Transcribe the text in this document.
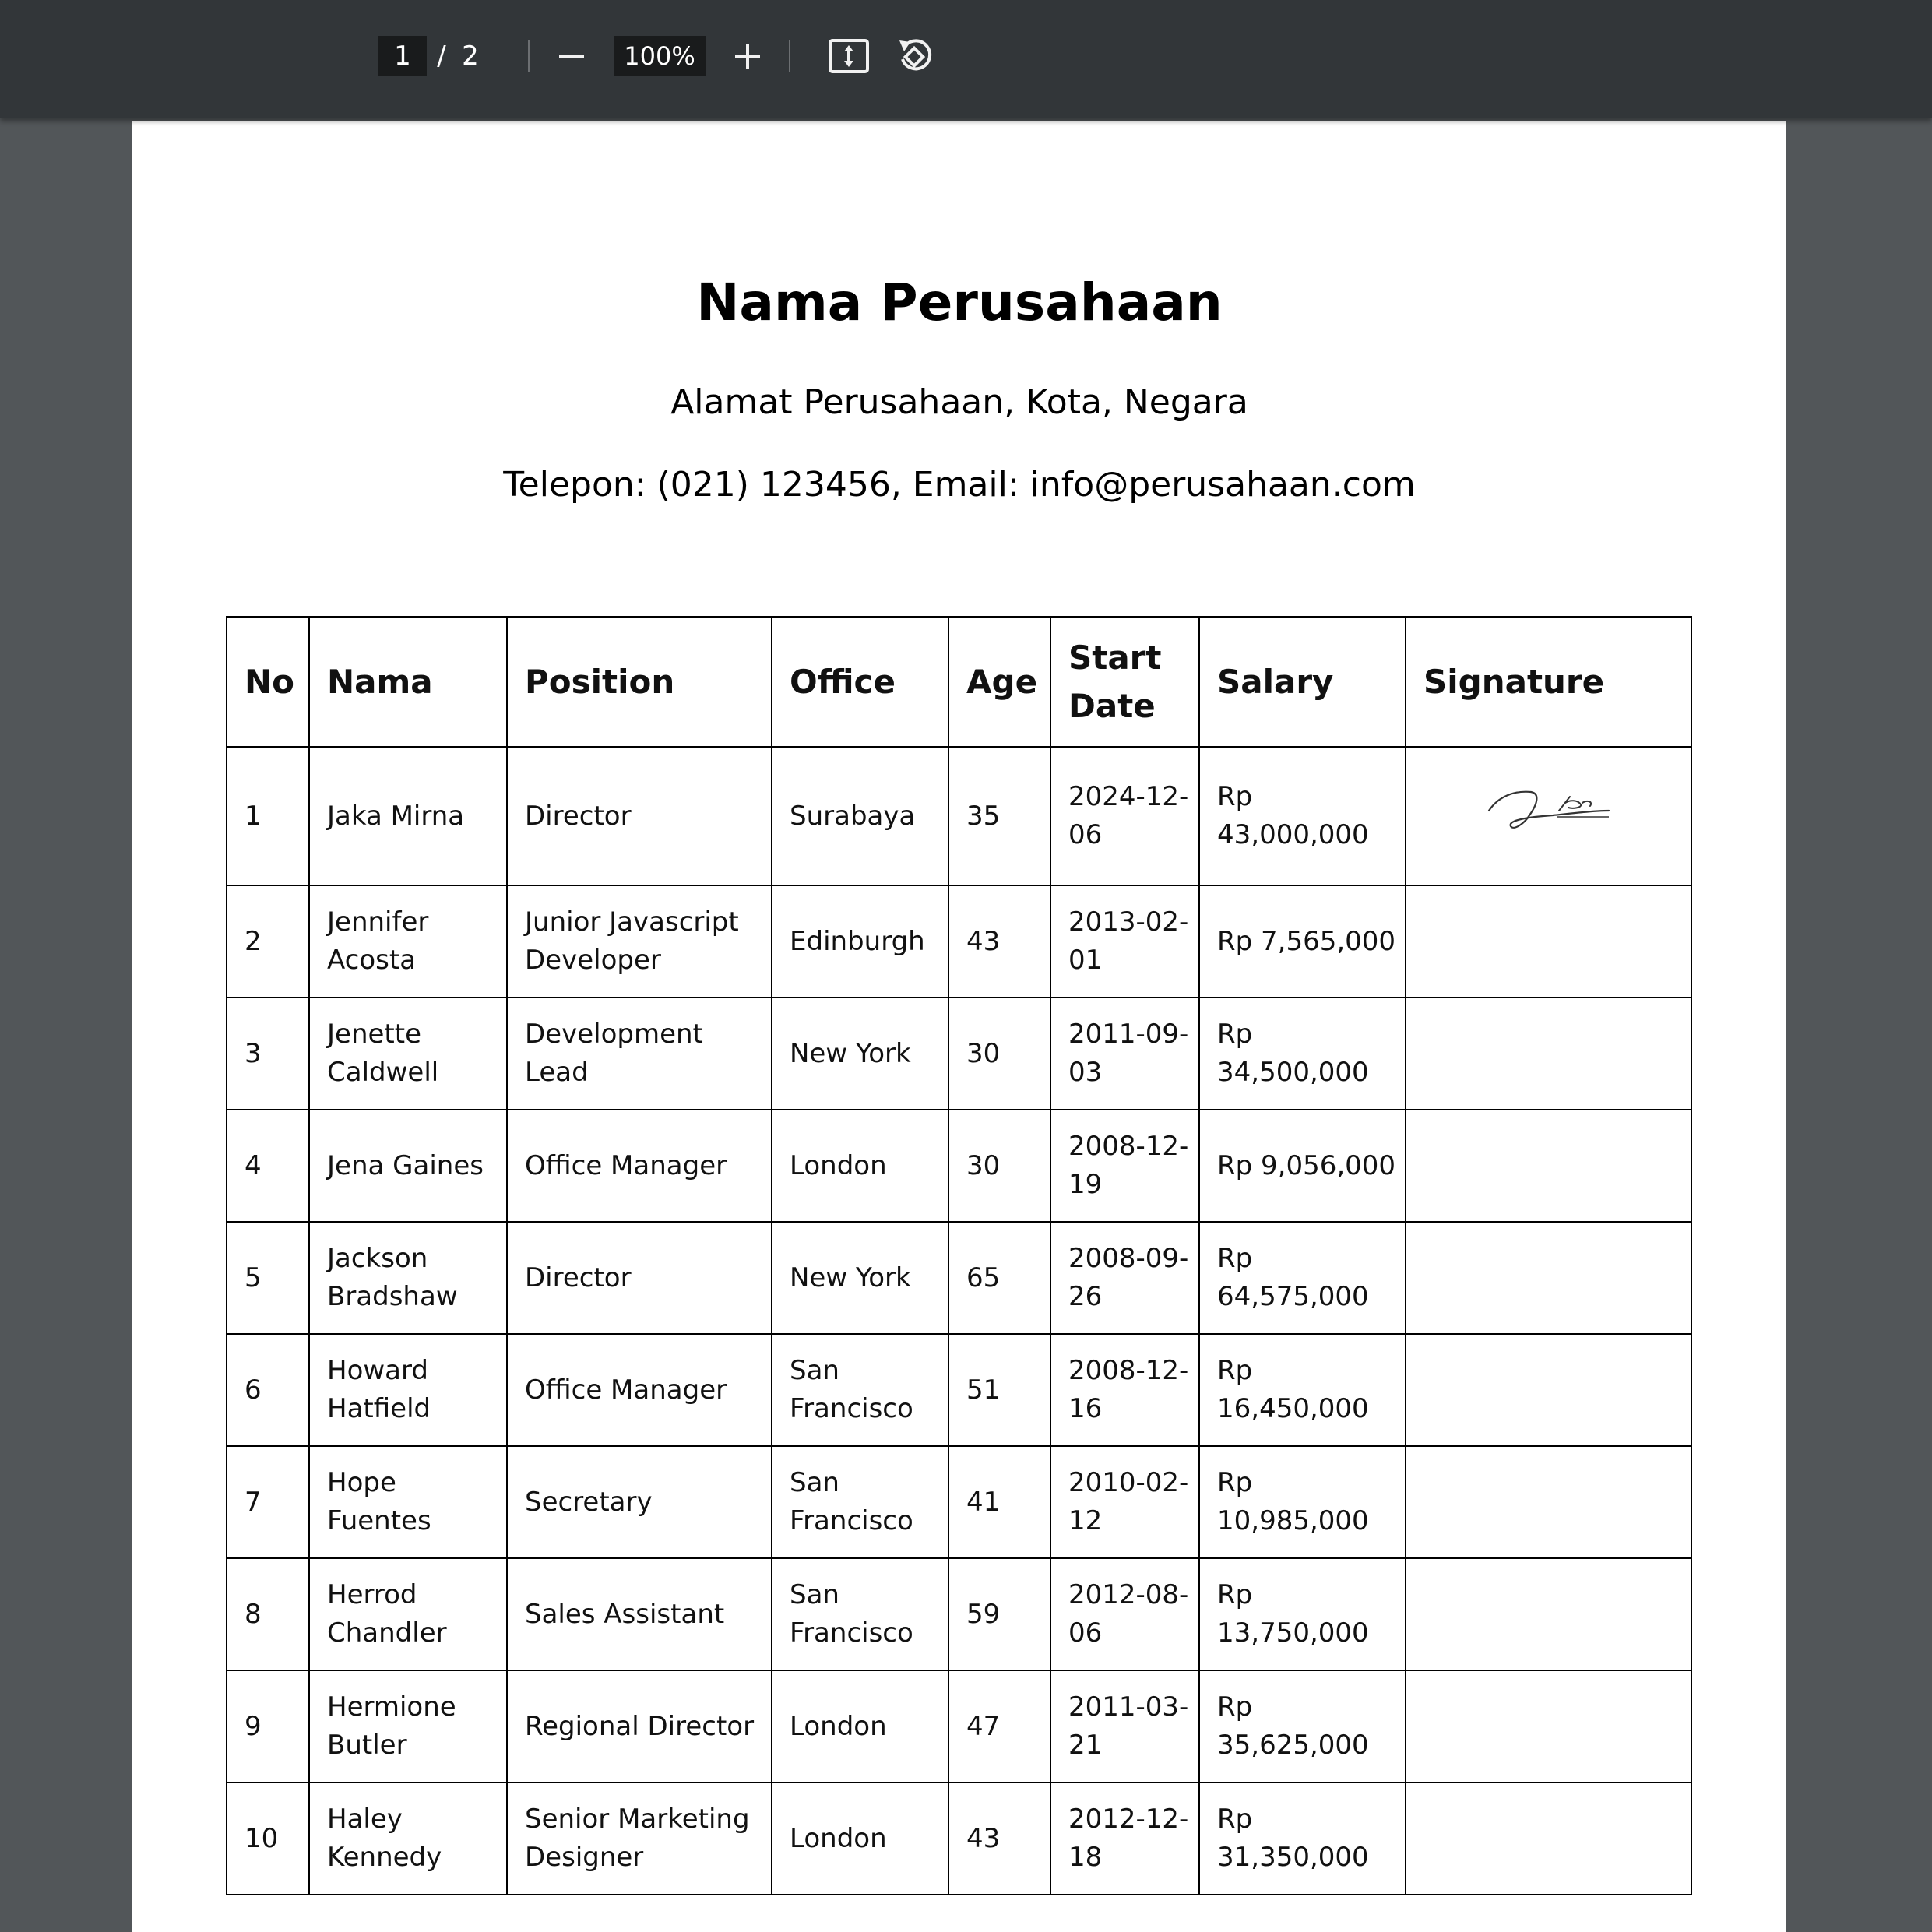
1 / 2	100%
Nama Perusahaan
Alamat Perusahaan, Kota, Negara
Telepon: (021) 123456, Email: info@perusahaan.com
No	Nama	Position	Office	Age	Start Date	Salary	Signature
1	Jaka Mirna	Director	Surabaya	35	2024-12-06	Rp 43,000,000	
2	Jennifer Acosta	Junior Javascript Developer	Edinburgh	43	2013-02-01	Rp 7,565,000	
3	Jenette Caldwell	Development Lead	New York	30	2011-09-03	Rp 34,500,000	
4	Jena Gaines	Office Manager	London	30	2008-12-19	Rp 9,056,000	
5	Jackson Bradshaw	Director	New York	65	2008-09-26	Rp 64,575,000	
6	Howard Hatfield	Office Manager	San Francisco	51	2008-12-16	Rp 16,450,000	
7	Hope Fuentes	Secretary	San Francisco	41	2010-02-12	Rp 10,985,000	
8	Herrod Chandler	Sales Assistant	San Francisco	59	2012-08-06	Rp 13,750,000	
9	Hermione Butler	Regional Director	London	47	2011-03-21	Rp 35,625,000	
10	Haley Kennedy	Senior Marketing Designer	London	43	2012-12-18	Rp 31,350,000	
